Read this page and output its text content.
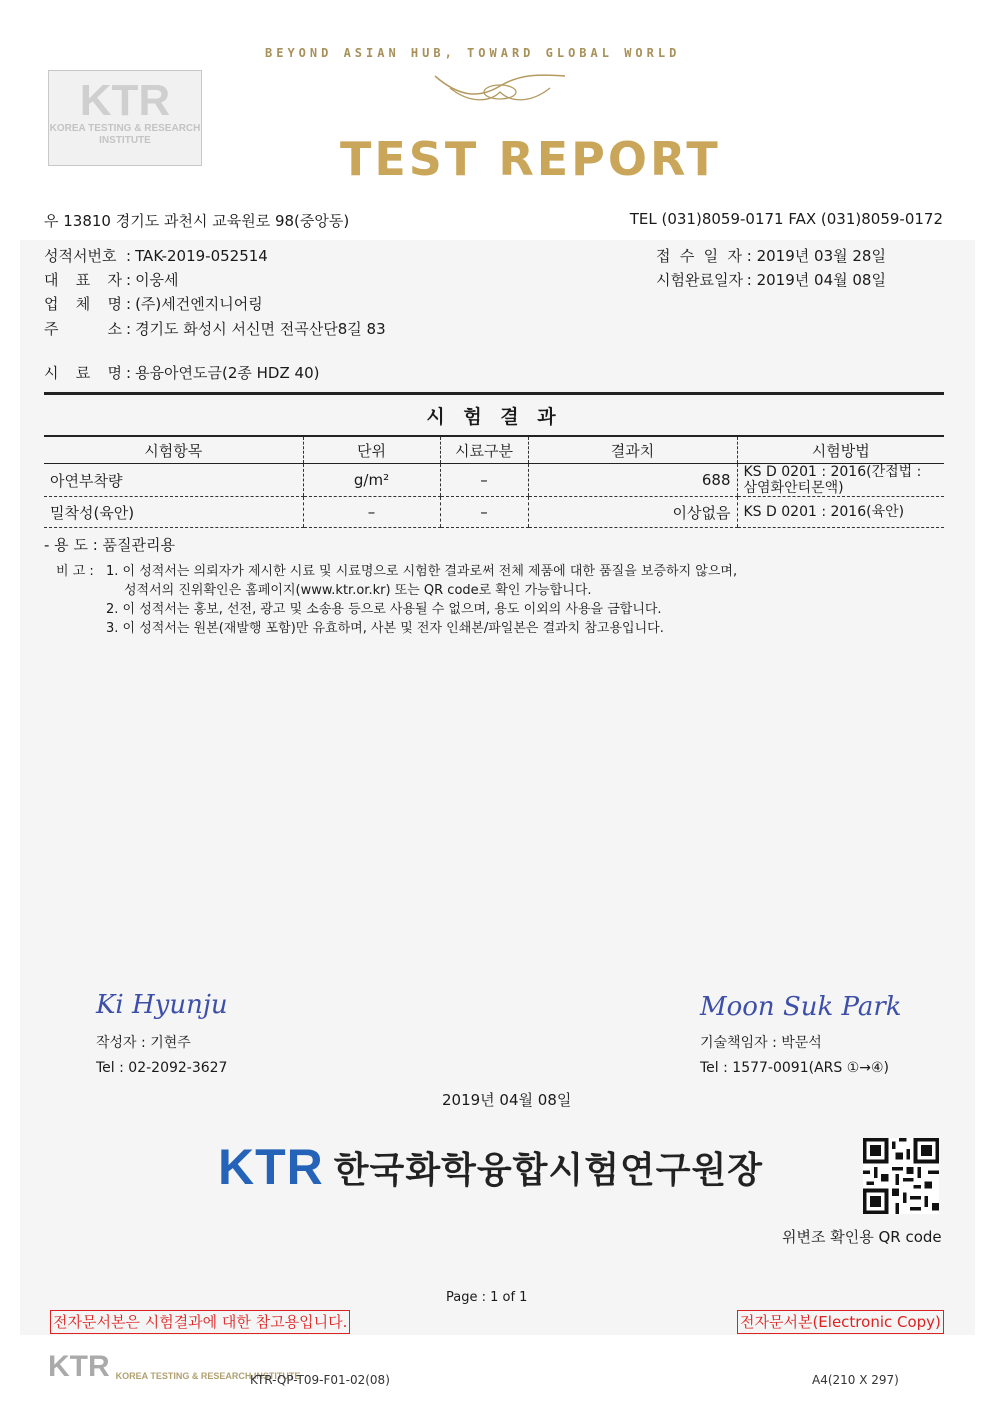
KTR
KOREA TESTING & RESEARCH INSTITUTE
BEYOND ASIAN HUB, TOWARD GLOBAL WORLD
TEST REPORT
우 13810 경기도 과천시 교육원로 98(중앙동)	TEL (031)8059-0171 FAX (031)8059-0172
성적서번호 : TAK-2019-052514
대 표 자 : 이웅세
업 체 명 : (주)세건엔지니어링
주 소 : 경기도 화성시 서신면 전곡산단8길 83
시 료 명 : 용융아연도금(2종 HDZ 40)
접 수 일 자 : 2019년 03월 28일
시험완료일자 : 2019년 04월 08일
시 험 결 과
시험항목	단위	시료구분	결과치	시험방법
아연부착량	g/m²	–	688	KS D 0201 : 2016(간접법 : 삼염화안티몬액)
밀착성(육안)	–	–	이상없음	KS D 0201 : 2016(육안)
- 용 도 : 품질관리용
비 고 : 1. 이 성적서는 의뢰자가 제시한 시료 및 시료명으로 시험한 결과로써 전체 제품에 대한 품질을 보증하지 않으며,
성적서의 진위확인은 홈페이지(www.ktr.or.kr) 또는 QR code로 확인 가능합니다.
2. 이 성적서는 홍보, 선전, 광고 및 소송용 등으로 사용될 수 없으며, 용도 이외의 사용을 금합니다.
3. 이 성적서는 원본(재발행 포함)만 유효하며, 사본 및 전자 인쇄본/파일본은 결과치 참고용입니다.
Ki Hyunju
작성자 : 기현주
Tel : 02-2092-3627
Moon Suk Park
기술책임자 : 박문석
Tel : 1577-0091(ARS ①→④)
2019년 04월 08일
KTR 한국화학융합시험연구원장
위변조 확인용 QR code
Page : 1 of 1
전자문서본은 시험결과에 대한 참고용입니다.	전자문서본(Electronic Copy)
KTR KOREA TESTING & RESEARCH INSTITUTE
KTR-QP-T09-F01-02(08)	A4(210 X 297)
